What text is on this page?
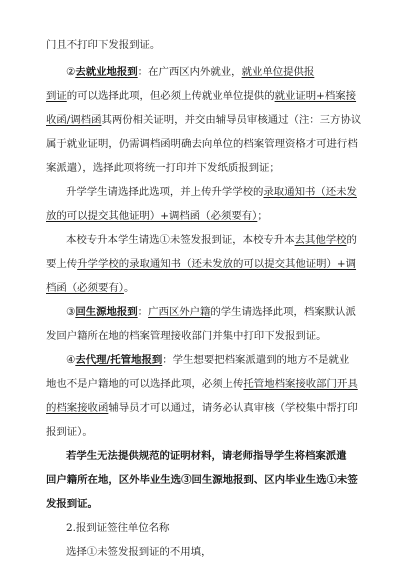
门且不打印下发报到证。
②去就业地报到：在广西区内外就业，就业单位提供报
到证的可以选择此项，但必须上传就业单位提供的就业证明+档案接
收函/调档函其两份相关证明，并交由辅导员审核通过（注：三方协议
属于就业证明，仍需调档函明确去向单位的档案管理资格才可进行档
案派遣），选择此项将统一打印并下发纸质报到证；
升学学生请选择此选项，并上传升学学校的录取通知书（还未发
放的可以提交其他证明）+调档函（必须要有）；
本校专升本学生请选①未签发报到证，本校专升本去其他学校的
要上传升学学校的录取通知书（还未发放的可以提交其他证明）+调
档函（必须要有）。
③回生源地报到：广西区外户籍的学生请选择此项，档案默认派
发回户籍所在地的档案管理接收部门并集中打印下发报到证。
④去代理/托管地报到：学生想要把档案派遣到的地方不是就业
地也不是户籍地的可以选择此项，必须上传托管地档案接收部门开具
的档案接收函辅导员才可以通过，请务必认真审核（学校集中帮打印
报到证）。
若学生无法提供规范的证明材料，请老师指导学生将档案派遣
回户籍所在地，区外毕业生选③回生源地报到、区内毕业生选①未签
发报到证。
2.报到证签往单位名称
选择①未签发报到证的不用填，
